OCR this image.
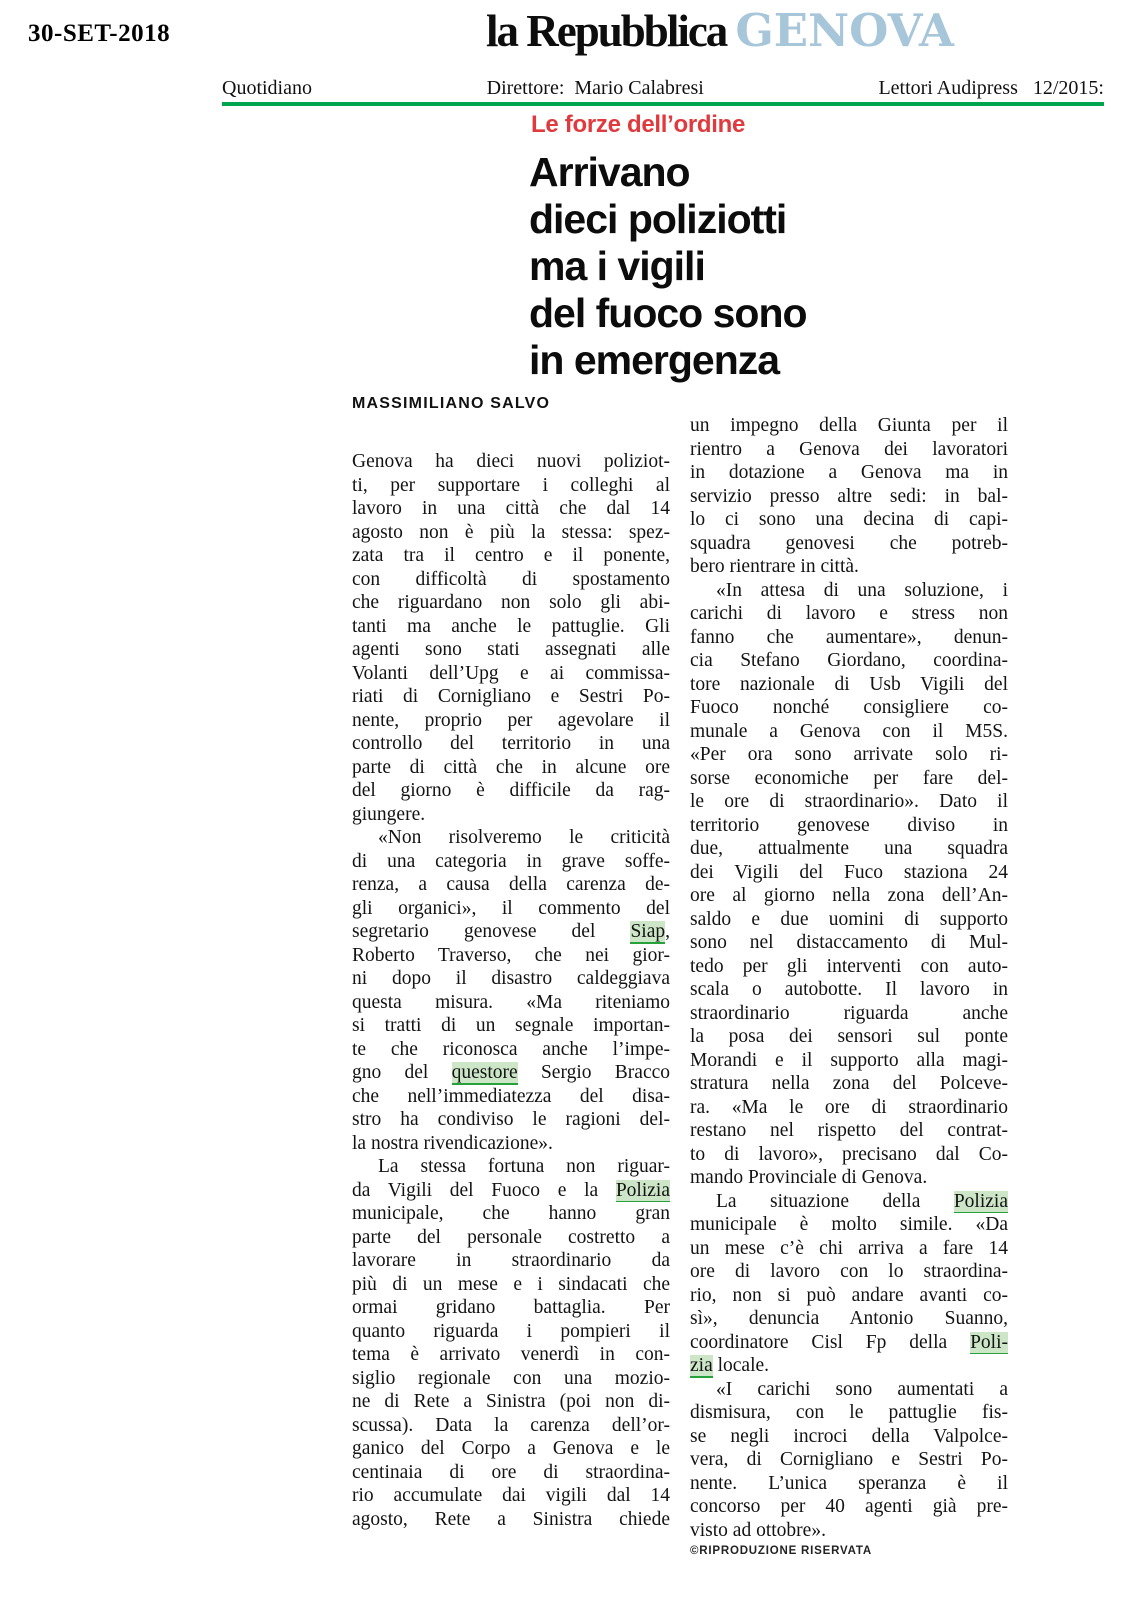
30-SET-2018	la Repubblica GENOVA
Quotidiano	Direttore:  Mario Calabresi	Lettori Audipress   12/2015:
Le forze dell’ordine
Arrivano
dieci poliziotti
ma i vigili
del fuoco sono
in emergenza
MASSIMILIANO SALVO
Genova ha dieci nuovi poliziot-
ti, per supportare i colleghi al
lavoro in una città che dal 14
agosto non è più la stessa: spez-
zata tra il centro e il ponente,
con difficoltà di spostamento
che riguardano non solo gli abi-
tanti ma anche le pattuglie. Gli
agenti sono stati assegnati alle
Volanti dell’Upg e ai commissa-
riati di Cornigliano e Sestri Po-
nente, proprio per agevolare il
controllo del territorio in una
parte di città che in alcune ore
del giorno è difficile da rag-
giungere.
«Non risolveremo le criticità
di una categoria in grave soffe-
renza, a causa della carenza de-
gli organici», il commento del
segretario genovese del Siap,
Roberto Traverso, che nei gior-
ni dopo il disastro caldeggiava
questa misura. «Ma riteniamo
si tratti di un segnale importan-
te che riconosca anche l’impe-
gno del questore Sergio Bracco
che nell’immediatezza del disa-
stro ha condiviso le ragioni del-
la nostra rivendicazione».
La stessa fortuna non riguar-
da Vigili del Fuoco e la Polizia
municipale, che hanno gran
parte del personale costretto a
lavorare in straordinario da
più di un mese e i sindacati che
ormai gridano battaglia. Per
quanto riguarda i pompieri il
tema è arrivato venerdì in con-
siglio regionale con una mozio-
ne di Rete a Sinistra (poi non di-
scussa). Data la carenza dell’or-
ganico del Corpo a Genova e le
centinaia di ore di straordina-
rio accumulate dai vigili dal 14
agosto, Rete a Sinistra chiede
un impegno della Giunta per il
rientro a Genova dei lavoratori
in dotazione a Genova ma in
servizio presso altre sedi: in bal-
lo ci sono una decina di capi-
squadra genovesi che potreb-
bero rientrare in città.
«In attesa di una soluzione, i
carichi di lavoro e stress non
fanno che aumentare», denun-
cia Stefano Giordano, coordina-
tore nazionale di Usb Vigili del
Fuoco nonché consigliere co-
munale a Genova con il M5S.
«Per ora sono arrivate solo ri-
sorse economiche per fare del-
le ore di straordinario». Dato il
territorio genovese diviso in
due, attualmente una squadra
dei Vigili del Fuco staziona 24
ore al giorno nella zona dell’An-
saldo e due uomini di supporto
sono nel distaccamento di Mul-
tedo per gli interventi con auto-
scala o autobotte. Il lavoro in
straordinario riguarda anche
la posa dei sensori sul ponte
Morandi e il supporto alla magi-
stratura nella zona del Polceve-
ra. «Ma le ore di straordinario
restano nel rispetto del contrat-
to di lavoro», precisano dal Co-
mando Provinciale di Genova.
La situazione della Polizia
municipale è molto simile. «Da
un mese c’è chi arriva a fare 14
ore di lavoro con lo straordina-
rio, non si può andare avanti co-
sì», denuncia Antonio Suanno,
coordinatore Cisl Fp della Poli-
zia locale.
«I carichi sono aumentati a
dismisura, con le pattuglie fis-
se negli incroci della Valpolce-
vera, di Cornigliano e Sestri Po-
nente. L’unica speranza è il
concorso per 40 agenti già pre-
visto ad ottobre».
©RIPRODUZIONE RISERVATA
